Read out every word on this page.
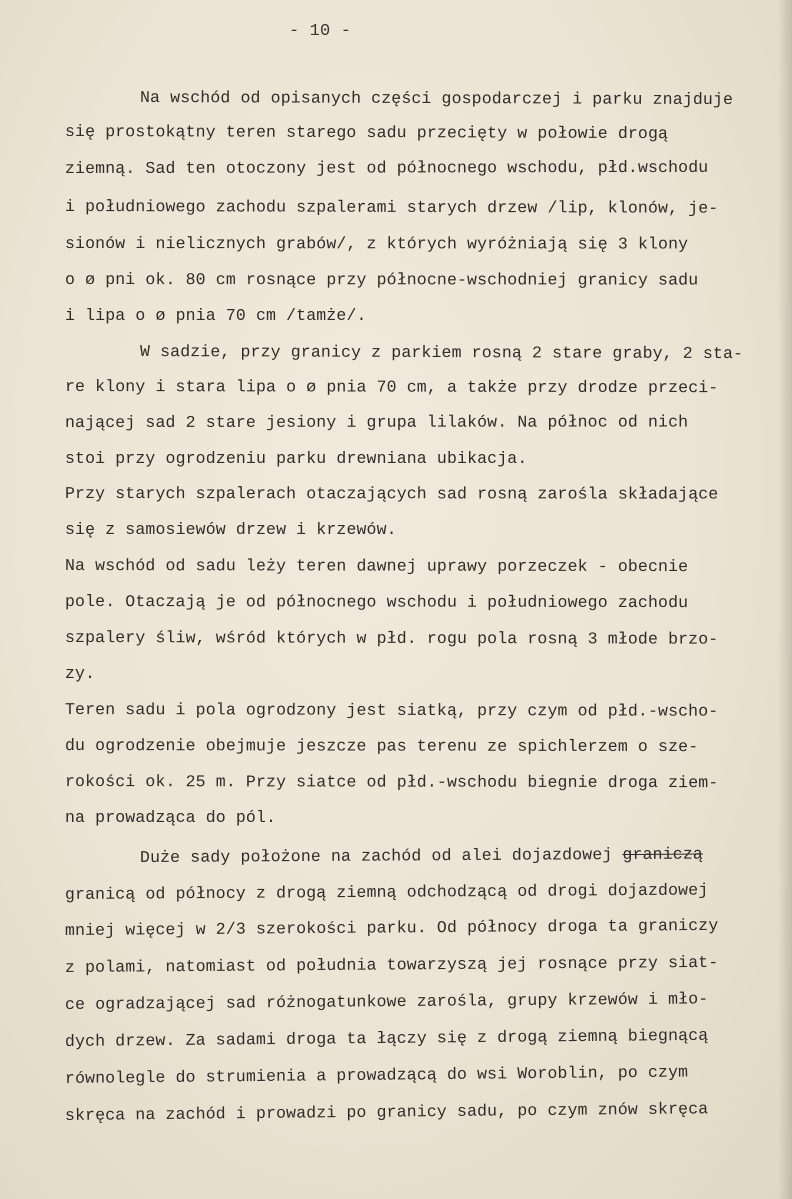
- 10 -
Na wschód od opisanych części gospodarczej i parku znajduje
się prostokątny teren starego sadu przecięty w połowie drogą
ziemną. Sad ten otoczony jest od północnego wschodu, płd.wschodu
i południowego zachodu szpalerami starych drzew /lip, klonów, je-
sionów i nielicznych grabów/, z których wyróżniają się 3 klony
o ø pni ok. 80 cm rosnące przy północne-wschodniej granicy sadu
i lipa o ø pnia 70 cm /tamże/.
W sadzie, przy granicy z parkiem rosną 2 stare graby, 2 sta-
re klony i stara lipa o ø pnia 70 cm, a także przy drodze przeci-
nającej sad 2 stare jesiony i grupa lilaków. Na północ od nich
stoi przy ogrodzeniu parku drewniana ubikacja.
Przy starych szpalerach otaczających sad rosną zarośla składające
się z samosiewów drzew i krzewów.
Na wschód od sadu leży teren dawnej uprawy porzeczek - obecnie
pole. Otaczają je od północnego wschodu i południowego zachodu
szpalery śliw, wśród których w płd. rogu pola rosną 3 młode brzo-
zy.
Teren sadu i pola ogrodzony jest siatką, przy czym od płd.-wscho-
du ogrodzenie obejmuje jeszcze pas terenu ze spichlerzem o sze-
rokości ok. 25 m. Przy siatce od płd.-wschodu biegnie droga ziem-
na prowadząca do pól.
Duże sady położone na zachód od alei dojazdowej graniczą
granicą od północy z drogą ziemną odchodzącą od drogi dojazdowej
mniej więcej w 2/3 szerokości parku. Od północy droga ta graniczy
z polami, natomiast od południa towarzyszą jej rosnące przy siat-
ce ogradzającej sad różnogatunkowe zarośla, grupy krzewów i mło-
dych drzew. Za sadami droga ta łączy się z drogą ziemną biegnącą
równolegle do strumienia a prowadzącą do wsi Woroblin, po czym
skręca na zachód i prowadzi po granicy sadu, po czym znów skręca
